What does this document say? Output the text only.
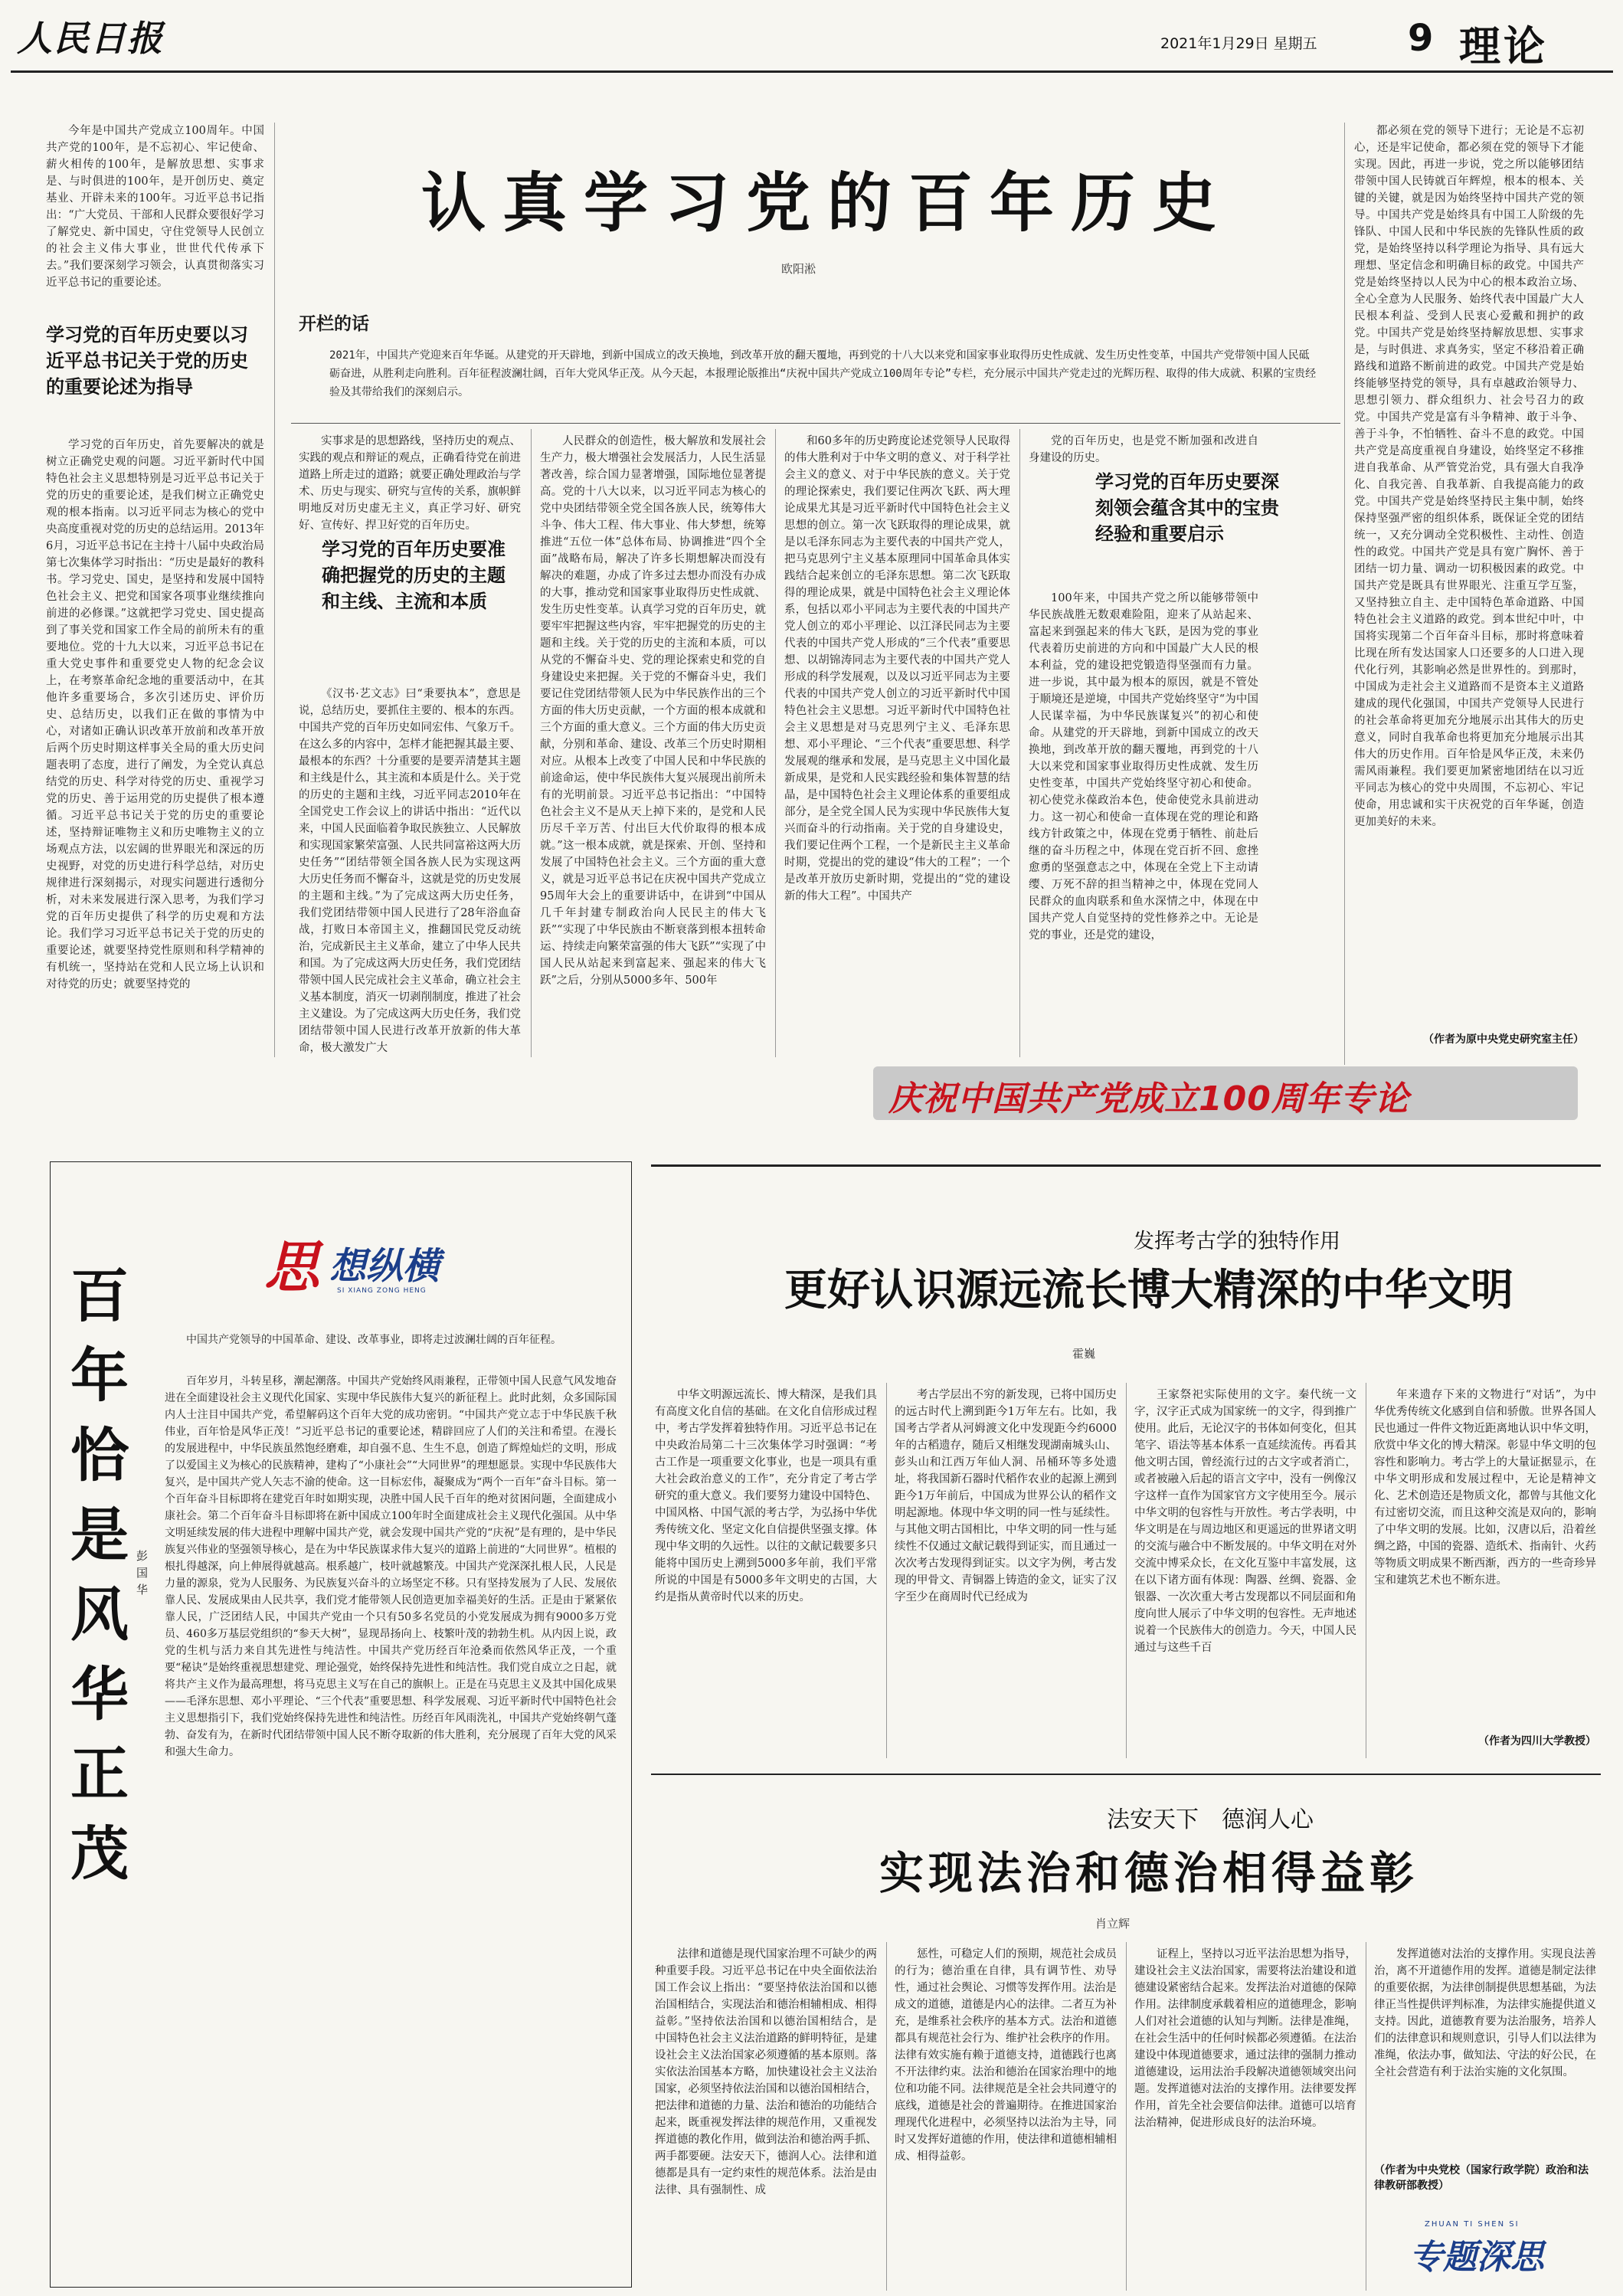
人民日报	2021年1月29日 星期五 9 理论

今年是中国共产党成立100周年。中国共产党的100年，是不忘初心、牢记使命、薪火相传的100年，是解放思想、实事求是、与时俱进的100年，是开创历史、奠定基业、开辟未来的100年。习近平总书记指出：“广大党员、干部和人民群众要很好学习了解党史、新中国史，守住党领导人民创立的社会主义伟大事业，世世代代传承下去。”我们要深刻学习领会，认真贯彻落实习近平总书记的重要论述。

认真学习党的百年历史
欧阳淞
开栏的话
2021年，中国共产党迎来百年华诞。从建党的开天辟地，到新中国成立的改天换地，到改革开放的翻天覆地，再到党的十八大以来党和国家事业取得历史性成就、发生历史性变革，中国共产党带领中国人民砥砺奋进，从胜利走向胜利。百年征程波澜壮阔，百年大党风华正茂。从今天起，本报理论版推出“庆祝中国共产党成立100周年专论”专栏，充分展示中国共产党走过的光辉历程、取得的伟大成就、积累的宝贵经验及其带给我们的深刻启示。
学习党的百年历史要以习近平总书记关于党的历史的重要论述为指导

学习党的百年历史，首先要解决的就是树立正确党史观的问题。习近平新时代中国特色社会主义思想特别是习近平总书记关于党的历史的重要论述，是我们树立正确党史观的根本指南。以习近平同志为核心的党中央高度重视对党的历史的总结运用。2013年6月，习近平总书记在主持十八届中央政治局第七次集体学习时指出：“历史是最好的教科书。学习党史、国史，是坚持和发展中国特色社会主义、把党和国家各项事业继续推向前进的必修课。”这就把学习党史、国史提高到了事关党和国家工作全局的前所未有的重要地位。党的十九大以来，习近平总书记在重大党史事件和重要党史人物的纪念会议上，在考察革命纪念地的重要活动中，在其他许多重要场合，多次引述历史、评价历史、总结历史，以我们正在做的事情为中心，对诸如正确认识改革开放前和改革开放后两个历史时期这样事关全局的重大历史问题表明了态度，进行了阐发，为全党认真总结党的历史、科学对待党的历史、重视学习党的历史、善于运用党的历史提供了根本遵循。习近平总书记关于党的历史的重要论述，坚持辩证唯物主义和历史唯物主义的立场观点方法，以宏阔的世界眼光和深远的历史视野，对党的历史进行科学总结，对历史规律进行深刻揭示，对现实问题进行透彻分析，对未来发展进行深入思考，为我们学习党的百年历史提供了科学的历史观和方法论。我们学习习近平总书记关于党的历史的重要论述，就要坚持党性原则和科学精神的有机统一，坚持站在党和人民立场上认识和对待党的历史；就要坚持党的

实事求是的思想路线，坚持历史的观点、实践的观点和辩证的观点，正确看待党在前进道路上所走过的道路；就要正确处理政治与学术、历史与现实、研究与宣传的关系，旗帜鲜明地反对历史虚无主义，真正学习好、研究好、宣传好、捍卫好党的百年历史。

学习党的百年历史要准确把握党的历史的主题和主线、主流和本质

《汉书·艺文志》曰“秉要执本”，意思是说，总结历史，要抓住主要的、根本的东西。中国共产党的百年历史如同宏伟、气象万千。在这么多的内容中，怎样才能把握其最主要、最根本的东西？十分重要的是要弄清楚其主题和主线是什么，其主流和本质是什么。关于党的历史的主题和主线，习近平同志2010年在全国党史工作会议上的讲话中指出：“近代以来，中国人民面临着争取民族独立、人民解放和实现国家繁荣富强、人民共同富裕这两大历史任务”“团结带领全国各族人民为实现这两大历史任务而不懈奋斗，这就是党的历史发展的主题和主线。”为了完成这两大历史任务，我们党团结带领中国人民进行了28年浴血奋战，打败日本帝国主义，推翻国民党反动统治，完成新民主主义革命，建立了中华人民共和国。为了完成这两大历史任务，我们党团结带领中国人民完成社会主义革命，确立社会主义基本制度，消灭一切剥削制度，推进了社会主义建设。为了完成这两大历史任务，我们党团结带领中国人民进行改革开放新的伟大革命，极大激发广大

人民群众的创造性，极大解放和发展社会生产力，极大增强社会发展活力，人民生活显著改善，综合国力显著增强，国际地位显著提高。党的十八大以来，以习近平同志为核心的党中央团结带领全党全国各族人民，统筹伟大斗争、伟大工程、伟大事业、伟大梦想，统筹推进“五位一体”总体布局、协调推进“四个全面”战略布局，解决了许多长期想解决而没有解决的难题，办成了许多过去想办而没有办成的大事，推动党和国家事业取得历史性成就、发生历史性变革。认真学习党的百年历史，就要牢牢把握这些内容，牢牢把握党的历史的主题和主线。关于党的历史的主流和本质，可以从党的不懈奋斗史、党的理论探索史和党的自身建设史来把握。关于党的不懈奋斗史，我们要记住党团结带领人民为中华民族作出的三个方面的伟大历史贡献，一个方面的根本成就和三个方面的重大意义。三个方面的伟大历史贡献，分别和革命、建设、改革三个历史时期相对应。从根本上改变了中国人民和中华民族的前途命运，使中华民族伟大复兴展现出前所未有的光明前景。习近平总书记指出：“中国特色社会主义不是从天上掉下来的，是党和人民历尽千辛万苦、付出巨大代价取得的根本成就。”这一根本成就，就是探索、开创、坚持和发展了中国特色社会主义。三个方面的重大意义，就是习近平总书记在庆祝中国共产党成立95周年大会上的重要讲话中，在讲到“中国从几千年封建专制政治向人民民主的伟大飞跃”“实现了中华民族由不断衰落到根本扭转命运、持续走向繁荣富强的伟大飞跃”“实现了中国人民从站起来到富起来、强起来的伟大飞跃”之后，分别从5000多年、500年

和60多年的历史跨度论述党领导人民取得的伟大胜利对于中华文明的意义、对于科学社会主义的意义、对于中华民族的意义。关于党的理论探索史，我们要记住两次飞跃、两大理论成果尤其是习近平新时代中国特色社会主义思想的创立。第一次飞跃取得的理论成果，就是以毛泽东同志为主要代表的中国共产党人，把马克思列宁主义基本原理同中国革命具体实践结合起来创立的毛泽东思想。第二次飞跃取得的理论成果，就是中国特色社会主义理论体系，包括以邓小平同志为主要代表的中国共产党人创立的邓小平理论、以江泽民同志为主要代表的中国共产党人形成的“三个代表”重要思想、以胡锦涛同志为主要代表的中国共产党人形成的科学发展观，以及以习近平同志为主要代表的中国共产党人创立的习近平新时代中国特色社会主义思想。习近平新时代中国特色社会主义思想是对马克思列宁主义、毛泽东思想、邓小平理论、“三个代表”重要思想、科学发展观的继承和发展，是马克思主义中国化最新成果，是党和人民实践经验和集体智慧的结晶，是中国特色社会主义理论体系的重要组成部分，是全党全国人民为实现中华民族伟大复兴而奋斗的行动指南。关于党的自身建设史，我们要记住两个工程，一个是新民主主义革命时期，党提出的党的建设“伟大的工程”；一个是改革开放历史新时期，党提出的“党的建设新的伟大工程”。中国共产

党的百年历史，也是党不断加强和改进自身建设的历史。

学习党的百年历史要深刻领会蕴含其中的宝贵经验和重要启示

100年来，中国共产党之所以能够带领中华民族战胜无数艰难险阻，迎来了从站起来、富起来到强起来的伟大飞跃，是因为党的事业代表着历史前进的方向和中国最广大人民的根本利益，党的建设把党锻造得坚强而有力量。进一步说，其中最为根本的原因，就是不管处于顺境还是逆境，中国共产党始终坚守“为中国人民谋幸福，为中华民族谋复兴”的初心和使命。从建党的开天辟地，到新中国成立的改天换地，到改革开放的翻天覆地，再到党的十八大以来党和国家事业取得历史性成就、发生历史性变革，中国共产党始终坚守初心和使命。初心使党永葆政治本色，使命使党永具前进动力。这一初心和使命一直体现在党的理论和路线方针政策之中，体现在党勇于牺牲、前赴后继的奋斗历程之中，体现在党百折不回、愈挫愈勇的坚强意志之中，体现在全党上下主动请缨、万死不辞的担当精神之中，体现在党同人民群众的血肉联系和鱼水深情之中，体现在中国共产党人自觉坚持的党性修养之中。无论是党的事业，还是党的建设，

都必须在党的领导下进行；无论是不忘初心，还是牢记使命，都必须在党的领导下才能实现。因此，再进一步说，党之所以能够团结带领中国人民铸就百年辉煌，根本的根本、关键的关键，就是因为始终坚持中国共产党的领导。中国共产党是始终具有中国工人阶级的先锋队、中国人民和中华民族的先锋队性质的政党，是始终坚持以科学理论为指导、具有远大理想、坚定信念和明确目标的政党。中国共产党是始终坚持以人民为中心的根本政治立场、全心全意为人民服务、始终代表中国最广大人民根本利益、受到人民衷心爱戴和拥护的政党。中国共产党是始终坚持解放思想、实事求是，与时俱进、求真务实，坚定不移沿着正确路线和道路不断前进的政党。中国共产党是始终能够坚持党的领导，具有卓越政治领导力、思想引领力、群众组织力、社会号召力的政党。中国共产党是富有斗争精神、敢于斗争、善于斗争，不怕牺牲、奋斗不息的政党。中国共产党是高度重视自身建设，始终坚定不移推进自我革命、从严管党治党，具有强大自我净化、自我完善、自我革新、自我提高能力的政党。中国共产党是始终坚持民主集中制，始终保持坚强严密的组织体系，既保证全党的团结统一，又充分调动全党积极性、主动性、创造性的政党。中国共产党是具有宽广胸怀、善于团结一切力量、调动一切积极因素的政党。中国共产党是既具有世界眼光、注重互学互鉴，又坚持独立自主、走中国特色革命道路、中国特色社会主义道路的政党。到本世纪中叶，中国将实现第二个百年奋斗目标，那时将意味着比现在所有发达国家人口还要多的人口进入现代化行列，其影响必然是世界性的。到那时，中国成为走社会主义道路而不是资本主义道路建成的现代化强国，中国共产党领导人民进行的社会革命将更加充分地展示出其伟大的历史意义，同时自我革命也将更加充分地展示出其伟大的历史作用。百年恰是风华正茂，未来仍需风雨兼程。我们要更加紧密地团结在以习近平同志为核心的党中央周围，不忘初心、牢记使命，用忠诚和实干庆祝党的百年华诞，创造更加美好的未来。

（作者为原中央党史研究室主任）
庆祝中国共产党成立100周年专论
思 想纵横
SI XIANG ZONG HENG
百年恰是风华正茂
彭国华

中国共产党领导的中国革命、建设、改革事业，即将走过波澜壮阔的百年征程。

百年岁月，斗转星移，潮起潮落。中国共产党始终风雨兼程，正带领中国人民意气风发地奋进在全面建设社会主义现代化国家、实现中华民族伟大复兴的新征程上。此时此刻，众多国际国内人士注目中国共产党，希望解码这个百年大党的成功密钥。“中国共产党立志于中华民族千秋伟业，百年恰是风华正茂！”习近平总书记的重要论述，精辟回应了人们的关注和希望。在漫长的发展进程中，中华民族虽然饱经磨难，却自强不息、生生不息，创造了辉煌灿烂的文明，形成了以爱国主义为核心的民族精神，建构了“小康社会”“大同世界”的理想愿景。实现中华民族伟大复兴，是中国共产党人矢志不渝的使命。这一目标宏伟，凝聚成为“两个一百年”奋斗目标。第一个百年奋斗目标即将在建党百年时如期实现，决胜中国人民千百年的绝对贫困问题，全面建成小康社会。第二个百年奋斗目标即将在新中国成立100年时全面建成社会主义现代化强国。从中华文明延续发展的伟大进程中理解中国共产党，就会发现中国共产党的“庆祝”是有理的，是中华民族复兴伟业的坚强领导核心，是在为中华民族谋求伟大复兴的道路上前进的“大同世界”。植根的根扎得越深，向上伸展得就越高。根系越广，枝叶就越繁茂。中国共产党深深扎根人民，人民是力量的源泉，党为人民服务、为民族复兴奋斗的立场坚定不移。只有坚持发展为了人民、发展依靠人民、发展成果由人民共享，我们党才能带领人民创造更加幸福美好的生活。正是由于紧紧依靠人民，广泛团结人民，中国共产党由一个只有50多名党员的小党发展成为拥有9000多万党员、460多万基层党组织的“参天大树”，显现昂扬向上、枝繁叶茂的勃勃生机。从内因上说，政党的生机与活力来自其先进性与纯洁性。中国共产党历经百年沧桑而依然风华正茂，一个重要“秘诀”是始终重视思想建党、理论强党，始终保持先进性和纯洁性。我们党自成立之日起，就将共产主义作为最高理想，将马克思主义写在自己的旗帜上。正是在马克思主义及其中国化成果——毛泽东思想、邓小平理论、“三个代表”重要思想、科学发展观、习近平新时代中国特色社会主义思想指引下，我们党始终保持先进性和纯洁性。历经百年风雨洗礼，中国共产党始终朝气蓬勃、奋发有为，在新时代团结带领中国人民不断夺取新的伟大胜利，充分展现了百年大党的风采和强大生命力。

发挥考古学的独特作用
更好认识源远流长博大精深的中华文明
霍巍

中华文明源远流长、博大精深，是我们具有高度文化自信的基础。在文化自信形成过程中，考古学发挥着独特作用。习近平总书记在中央政治局第二十三次集体学习时强调：“考古工作是一项重要文化事业，也是一项具有重大社会政治意义的工作”，充分肯定了考古学研究的重大意义。我们要努力建设中国特色、中国风格、中国气派的考古学，为弘扬中华优秀传统文化、坚定文化自信提供坚强支撑。体现中华文明的久远性。以往的文献记载要多只能将中国历史上溯到5000多年前，我们平常所说的中国是有5000多年文明史的古国，大约是指从黄帝时代以来的历史。

考古学层出不穷的新发现，已将中国历史的远古时代上溯到距今1万年左右。比如，我国考古学者从河姆渡文化中发现距今约6000年的古稻遗存，随后又相继发现湖南城头山、彭头山和江西万年仙人洞、吊桶环等多处遗址，将我国新石器时代稻作农业的起源上溯到距今1万年前后，中国成为世界公认的稻作文明起源地。体现中华文明的同一性与延续性。与其他文明古国相比，中华文明的同一性与延续性不仅通过文献记载得到证实，而且通过一次次考古发现得到证实。以文字为例，考古发现的甲骨文、青铜器上铸造的金文，证实了汉字至少在商周时代已经成为

王家祭祀实际使用的文字。秦代统一文字，汉字正式成为国家统一的文字，得到推广使用。此后，无论汉字的书体如何变化，但其笔字、语法等基本体系一直延续流传。再看其他文明古国，曾经流行过的古文字或者消亡，或者被融入后起的语言文字中，没有一例像汉字这样一直作为国家官方文字使用至今。展示中华文明的包容性与开放性。考古学表明，中华文明是在与周边地区和更遥远的世界诸文明的交流与融合中不断发展的。中华文明在对外交流中博采众长，在文化互鉴中丰富发展，这在以下诸方面有体现：陶器、丝绸、瓷器、金银器、一次次重大考古发现都以不同层面和角度向世人展示了中华文明的包容性。无声地述说着一个民族伟大的创造力。今天，中国人民通过与这些千百

年来遗存下来的文物进行“对话”，为中华优秀传统文化感到自信和骄傲。世界各国人民也通过一件件文物近距离地认识中华文明，欣赏中华文化的博大精深。彰显中华文明的包容性和影响力。考古学上的大量证据显示，在中华文明形成和发展过程中，无论是精神文化、艺术创造还是物质文化，都曾与其他文化有过密切交流，而且这种交流是双向的，影响了中华文明的发展。比如，汉唐以后，沿着丝绸之路，中国的瓷器、造纸术、指南针、火药等物质文明成果不断西渐，西方的一些奇珍异宝和建筑艺术也不断东进。

（作者为四川大学教授）
法安天下　德润人心
实现法治和德治相得益彰
肖立辉

法律和道德是现代国家治理不可缺少的两种重要手段。习近平总书记在中央全面依法治国工作会议上指出：“要坚持依法治国和以德治国相结合，实现法治和德治相辅相成、相得益彰。”坚持依法治国和以德治国相结合，是中国特色社会主义法治道路的鲜明特征，是建设社会主义法治国家必须遵循的基本原则。落实依法治国基本方略，加快建设社会主义法治国家，必须坚持依法治国和以德治国相结合，把法律和道德的力量、法治和德治的功能结合起来，既重视发挥法律的规范作用，又重视发挥道德的教化作用，做到法治和德治两手抓、两手都要硬。法安天下，德润人心。法律和道德都是具有一定约束性的规范体系。法治是由法律、具有强制性、成

惩性，可稳定人们的预期，规范社会成员的行为；德治重在自律，具有调节性、劝导性，通过社会舆论、习惯等发挥作用。法治是成文的道德，道德是内心的法律。二者互为补充，是维系社会秩序的基本方式。法治和道德都具有规范社会行为、维护社会秩序的作用。法律有效实施有赖于道德支持，道德践行也离不开法律约束。法治和德治在国家治理中的地位和功能不同。法律规范是全社会共同遵守的底线，道德是社会的普遍期待。在推进国家治理现代化进程中，必须坚持以法治为主导，同时又发挥好道德的作用，使法律和道德相辅相成、相得益彰。

证程上，坚持以习近平法治思想为指导，建设社会主义法治国家，需要将法治建设和道德建设紧密结合起来。发挥法治对道德的保障作用。法律制度承载着相应的道德理念，影响人们对社会道德的认知与判断。法律是准绳，在社会生活中的任何时候都必须遵循。在法治建设中体现道德要求，通过法律的强制力推动道德建设，运用法治手段解决道德领域突出问题。发挥道德对法治的支撑作用。法律要发挥作用，首先全社会要信仰法律。道德可以培育法治精神，促进形成良好的法治环境。

发挥道德对法治的支撑作用。实现良法善治，离不开道德作用的发挥。道德是制定法律的重要依据，为法律创制提供思想基础，为法律正当性提供评判标准，为法律实施提供道义支持。因此，道德教育要为法治服务，培养人们的法律意识和规则意识，引导人们以法律为准绳，依法办事，做知法、守法的好公民，在全社会营造有利于法治实施的文化氛围。

（作者为中央党校（国家行政学院）政治和法律教研部教授）
ZHUAN TI SHEN SI
专题深思
